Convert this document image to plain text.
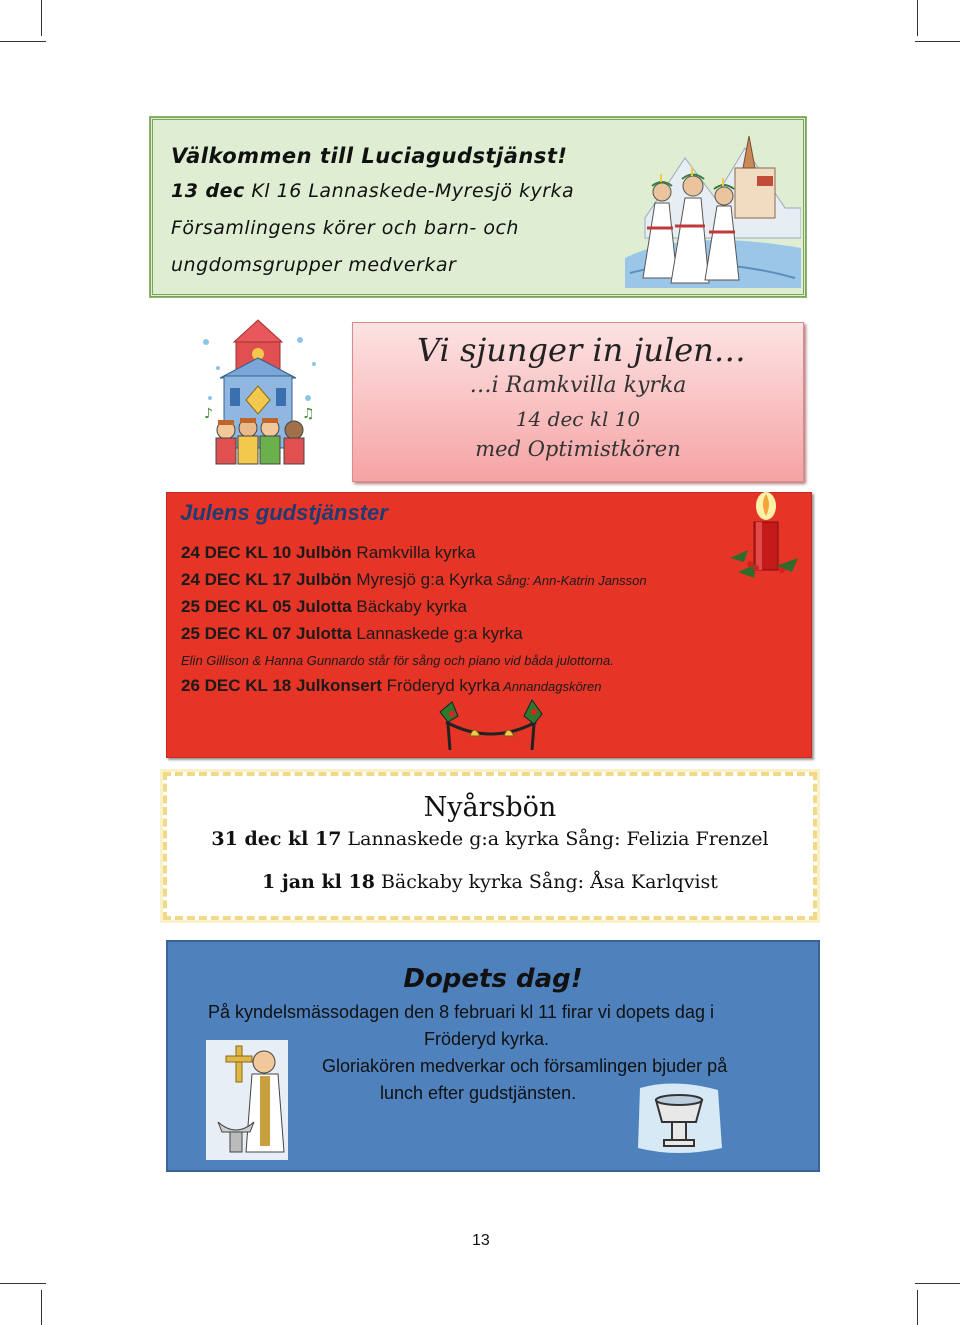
Välkommen till Luciagudstjänst!
13 dec Kl 16 Lannaskede-Myresjö kyrka
Församlingens körer och barn- och
ungdomsgrupper medverkar
♪	♫
Vi sjunger in julen…
…i Ramkvilla kyrka
14 dec kl 10
med Optimistkören
24 DEC KL 10 Julbön Ramkvilla kyrka
24 DEC KL 17 Julbön Myresjö g:a Kyrka Sång: Ann-Katrin Jansson
25 DEC KL 05 Julotta Bäckaby kyrka
25 DEC KL 07 Julotta Lannaskede g:a kyrka
Elin Gillison & Hanna Gunnardo står för sång och piano vid båda julottorna.
26 DEC KL 18 Julkonsert Fröderyd kyrka Annandagskören
Julens gudstjänster
Nyårsbön
31 dec kl 17 Lannaskede g:a kyrka Sång: Felizia Frenzel
1 jan kl 18 Bäckaby kyrka Sång: Åsa Karlqvist
Dopets dag!
På kyndelsmässodagen den 8 februari kl 11 firar vi dopets dag i
Fröderyd kyrka.
Gloriakören medverkar och församlingen bjuder på
lunch efter gudstjänsten.
13
